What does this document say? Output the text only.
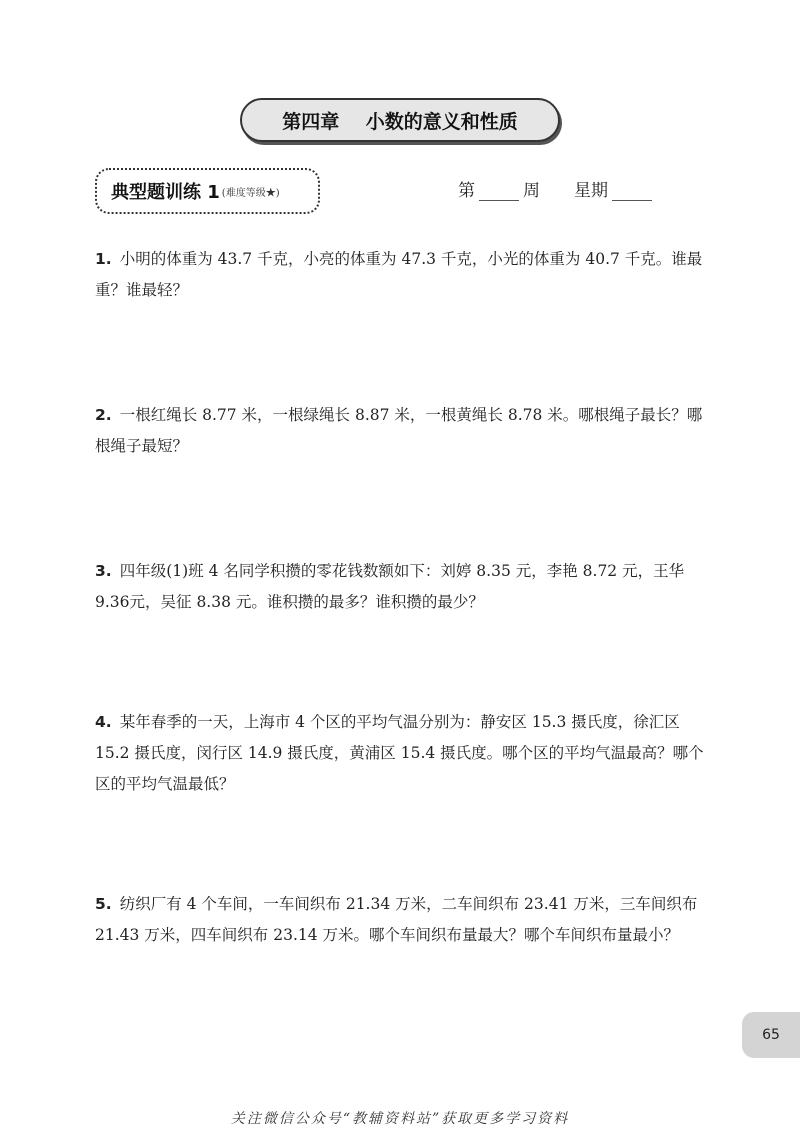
第四章    小数的意义和性质
典型题训练 1 (难度等级★)	第	周 星期
1. 小明的体重为 43.7 千克，小亮的体重为 47.3 千克，小光的体重为 40.7 千克。谁最重？谁最轻？
2. 一根红绳长 8.77 米，一根绿绳长 8.87 米，一根黄绳长 8.78 米。哪根绳子最长？哪根绳子最短？
3. 四年级(1)班 4 名同学积攒的零花钱数额如下：刘婷 8.35 元，李艳 8.72 元，王华 9.36元，吴征 8.38 元。谁积攒的最多？谁积攒的最少？
4. 某年春季的一天，上海市 4 个区的平均气温分别为：静安区 15.3 摄氏度，徐汇区 15.2 摄氏度，闵行区 14.9 摄氏度，黄浦区 15.4 摄氏度。哪个区的平均气温最高？哪个区的平均气温最低？
5. 纺织厂有 4 个车间，一车间织布 21.34 万米，二车间织布 23.41 万米，三车间织布 21.43 万米，四车间织布 23.14 万米。哪个车间织布量最大？哪个车间织布量最小？
65
关注微信公众号“教辅资料站”获取更多学习资料
